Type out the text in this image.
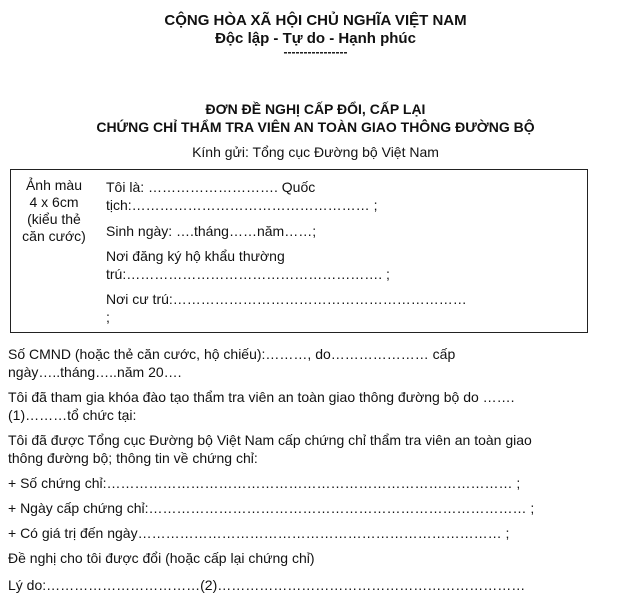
CỘNG HÒA XÃ HỘI CHỦ NGHĨA VIỆT NAM
Độc lập - Tự do - Hạnh phúc
----------------
ĐƠN ĐỀ NGHỊ CẤP ĐỔI, CẤP LẠI
CHỨNG CHỈ THẨM TRA VIÊN AN TOÀN GIAO THÔNG ĐƯỜNG BỘ
Kính gửi: Tổng cục Đường bộ Việt Nam
Ảnh màu
4 x 6cm
(kiểu thẻ
căn cước)
Tôi là: ………………………. Quốc
tịch:…………………………………………… ;
Sinh ngày: ….tháng……năm……;
Nơi đăng ký hộ khẩu thường
trú:………………………………………………. ;
Nơi cư trú:………………………………………………………
;
Số CMND (hoặc thẻ căn cước, hộ chiếu):………, do………………… cấp
ngày…..tháng…..năm 20….
Tôi đã tham gia khóa đào tạo thẩm tra viên an toàn giao thông đường bộ do …….
(1)………tổ chức tại:
Tôi đã được Tổng cục Đường bộ Việt Nam cấp chứng chỉ thẩm tra viên an toàn giao
thông đường bộ; thông tin về chứng chỉ:
+ Số chứng chỉ:…………………………………………………………………………… ;
+ Ngày cấp chứng chỉ:……………………………………………………………………… ;
+ Có giá trị đến ngày…………………………………………………………………… ;
Đề nghị cho tôi được đổi (hoặc cấp lại chứng chỉ)
Lý do:……………………………(2)…………………………………………………………
